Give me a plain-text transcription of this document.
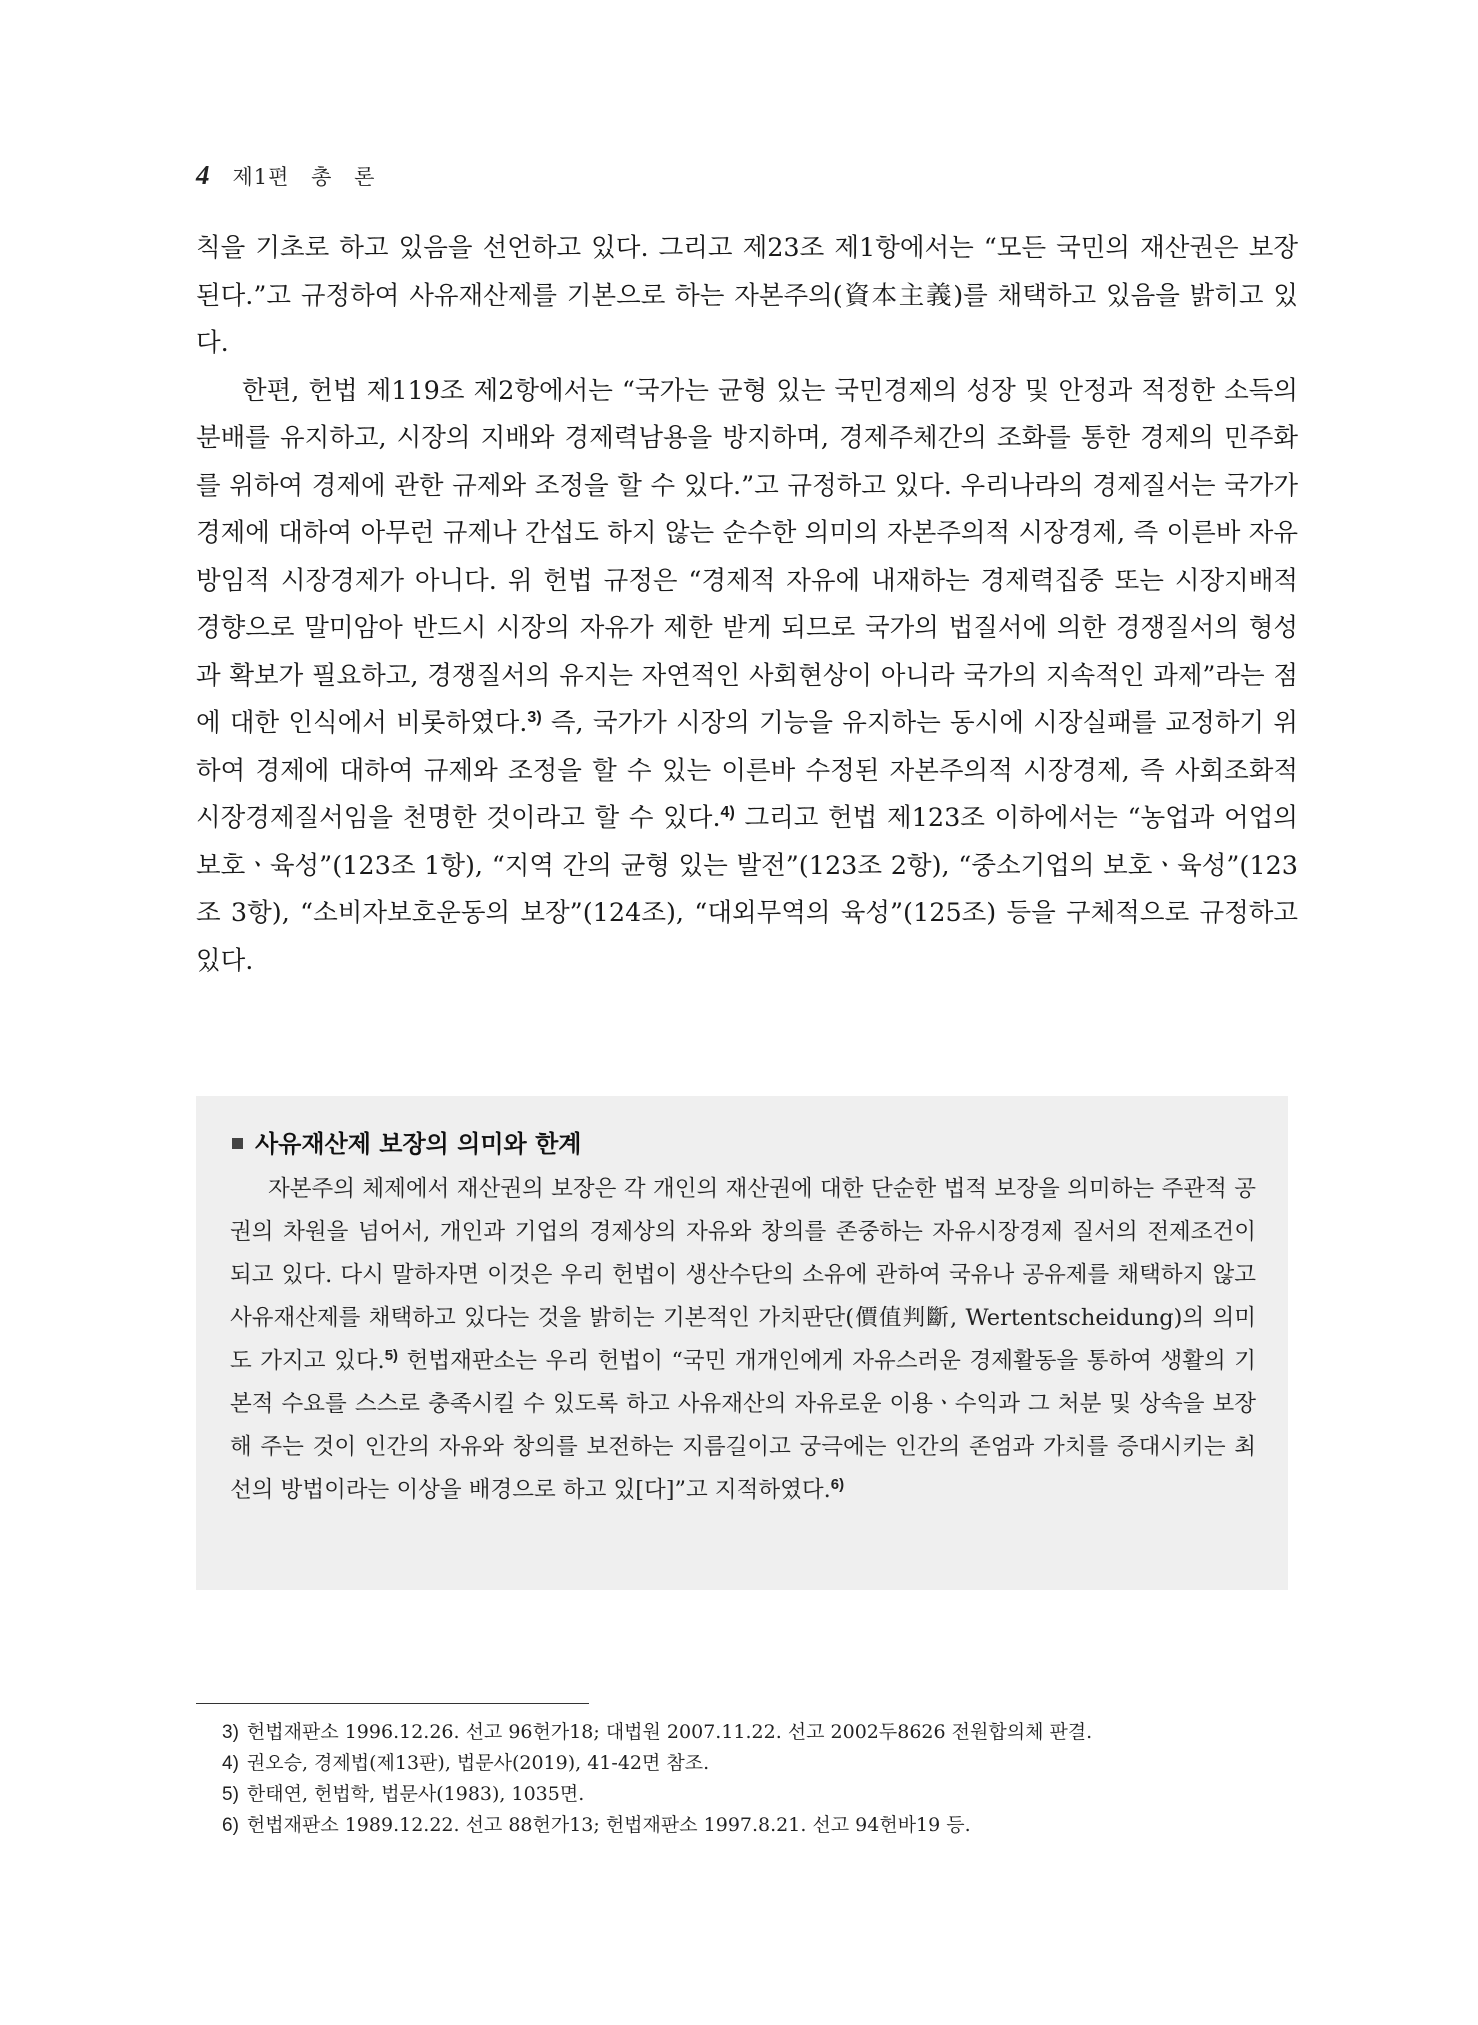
4 제1편 총 론

칙을 기초로 하고 있음을 선언하고 있다. 그리고 제23조 제1항에서는 “모든 국민의 재산권은 보장된다.”고 규정하여 사유재산제를 기본으로 하는 자본주의(資本主義)를 채택하고 있음을 밝히고 있다.

한편, 헌법 제119조 제2항에서는 “국가는 균형 있는 국민경제의 성장 및 안정과 적정한 소득의 분배를 유지하고, 시장의 지배와 경제력남용을 방지하며, 경제주체간의 조화를 통한 경제의 민주화를 위하여 경제에 관한 규제와 조정을 할 수 있다.”고 규정하고 있다. 우리나라의 경제질서는 국가가 경제에 대하여 아무런 규제나 간섭도 하지 않는 순수한 의미의 자본주의적 시장경제, 즉 이른바 자유방임적 시장경제가 아니다. 위 헌법 규정은 “경제적 자유에 내재하는 경제력집중 또는 시장지배적 경향으로 말미암아 반드시 시장의 자유가 제한 받게 되므로 국가의 법질서에 의한 경쟁질서의 형성과 확보가 필요하고, 경쟁질서의 유지는 자연적인 사회현상이 아니라 국가의 지속적인 과제”라는 점에 대한 인식에서 비롯하였다.$^{3)}$ 즉, 국가가 시장의 기능을 유지하는 동시에 시장실패를 교정하기 위하여 경제에 대하여 규제와 조정을 할 수 있는 이른바 수정된 자본주의적 시장경제, 즉 사회조화적 시장경제질서임을 천명한 것이라고 할 수 있다.$^{4)}$ 그리고 헌법 제123조 이하에서는 “농업과 어업의 보호ㆍ육성”(123조 1항), “지역 간의 균형 있는 발전”(123조 2항), “중소기업의 보호ㆍ육성”(123조 3항), “소비자보호운동의 보장”(124조), “대외무역의 육성”(125조) 등을 구체적으로 규정하고 있다.

사유재산제 보장의 의미와 한계

자본주의 체제에서 재산권의 보장은 각 개인의 재산권에 대한 단순한 법적 보장을 의미하는 주관적 공권의 차원을 넘어서, 개인과 기업의 경제상의 자유와 창의를 존중하는 자유시장경제 질서의 전제조건이 되고 있다. 다시 말하자면 이것은 우리 헌법이 생산수단의 소유에 관하여 국유나 공유제를 채택하지 않고 사유재산제를 채택하고 있다는 것을 밝히는 기본적인 가치판단(價值判斷, Wertentscheidung)의 의미도 가지고 있다.$^{5)}$ 헌법재판소는 우리 헌법이 “국민 개개인에게 자유스러운 경제활동을 통하여 생활의 기본적 수요를 스스로 충족시킬 수 있도록 하고 사유재산의 자유로운 이용ㆍ수익과 그 처분 및 상속을 보장해 주는 것이 인간의 자유와 창의를 보전하는 지름길이고 궁극에는 인간의 존엄과 가치를 증대시키는 최선의 방법이라는 이상을 배경으로 하고 있[다]”고 지적하였다.$^{6)}$

3) 헌법재판소 1996.12.26. 선고 96헌가18; 대법원 2007.11.22. 선고 2002두8626 전원합의체 판결.
4) 권오승, 경제법(제13판), 법문사(2019), 41-42면 참조.
5) 한태연, 헌법학, 법문사(1983), 1035면.
6) 헌법재판소 1989.12.22. 선고 88헌가13; 헌법재판소 1997.8.21. 선고 94헌바19 등.
